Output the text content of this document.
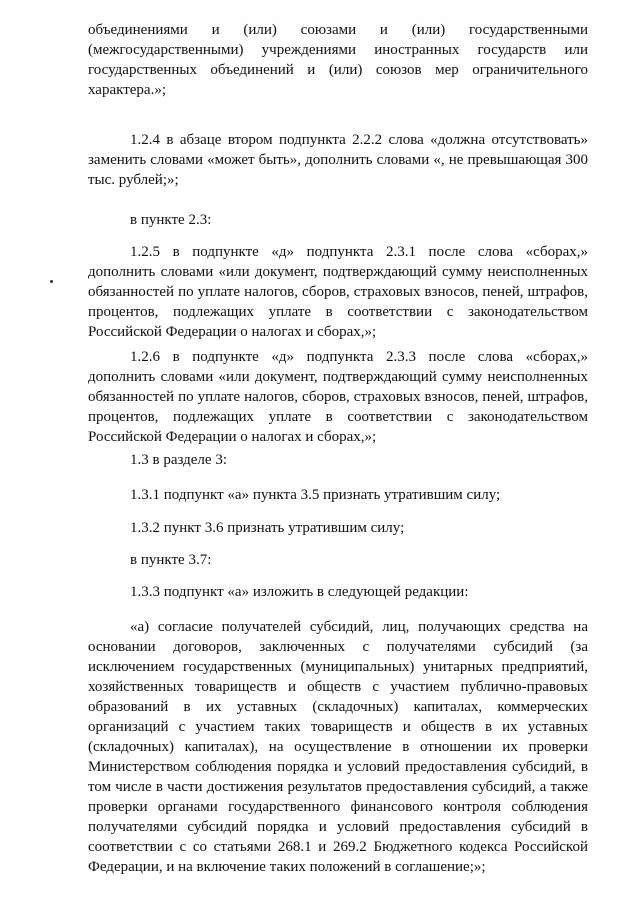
объединениями и (или) союзами и (или) государственными (межгосударственными) учреждениями иностранных государств или государственных объединений и (или) союзов мер ограничительного характера.»;
1.2.4 в абзаце втором подпункта 2.2.2 слова «должна отсутствовать» заменить словами «может быть», дополнить словами «, не превышающая 300 тыс. рублей;»;
в пункте 2.3:
1.2.5 в подпункте «д» подпункта 2.3.1 после слова «сборах,» дополнить словами «или документ, подтверждающий сумму неисполненных обязанностей по уплате налогов, сборов, страховых взносов, пеней, штрафов, процентов, подлежащих уплате в соответствии с законодательством Российской Федерации о налогах и сборах,»;
1.2.6 в подпункте «д» подпункта 2.3.3 после слова «сборах,» дополнить словами «или документ, подтверждающий сумму неисполненных обязанностей по уплате налогов, сборов, страховых взносов, пеней, штрафов, процентов, подлежащих уплате в соответствии с законодательством Российской Федерации о налогах и сборах,»;
1.3 в разделе 3:
1.3.1 подпункт «а» пункта 3.5 признать утратившим силу;
1.3.2 пункт 3.6 признать утратившим силу;
в пункте 3.7:
1.3.3 подпункт «а» изложить в следующей редакции:
«а) согласие получателей субсидий, лиц, получающих средства на основании договоров, заключенных с получателями субсидий (за исключением государственных (муниципальных) унитарных предприятий, хозяйственных товариществ и обществ с участием публично-правовых образований в их уставных (складочных) капиталах, коммерческих организаций с участием таких товариществ и обществ в их уставных (складочных) капиталах), на осуществление в отношении их проверки Министерством соблюдения порядка и условий предоставления субсидий, в том числе в части достижения результатов предоставления субсидий, а также проверки органами государственного финансового контроля соблюдения получателями субсидий порядка и условий предоставления субсидий в соответствии с со статьями 268.1 и 269.2 Бюджетного кодекса Российской Федерации, и на включение таких положений в соглашение;»;
